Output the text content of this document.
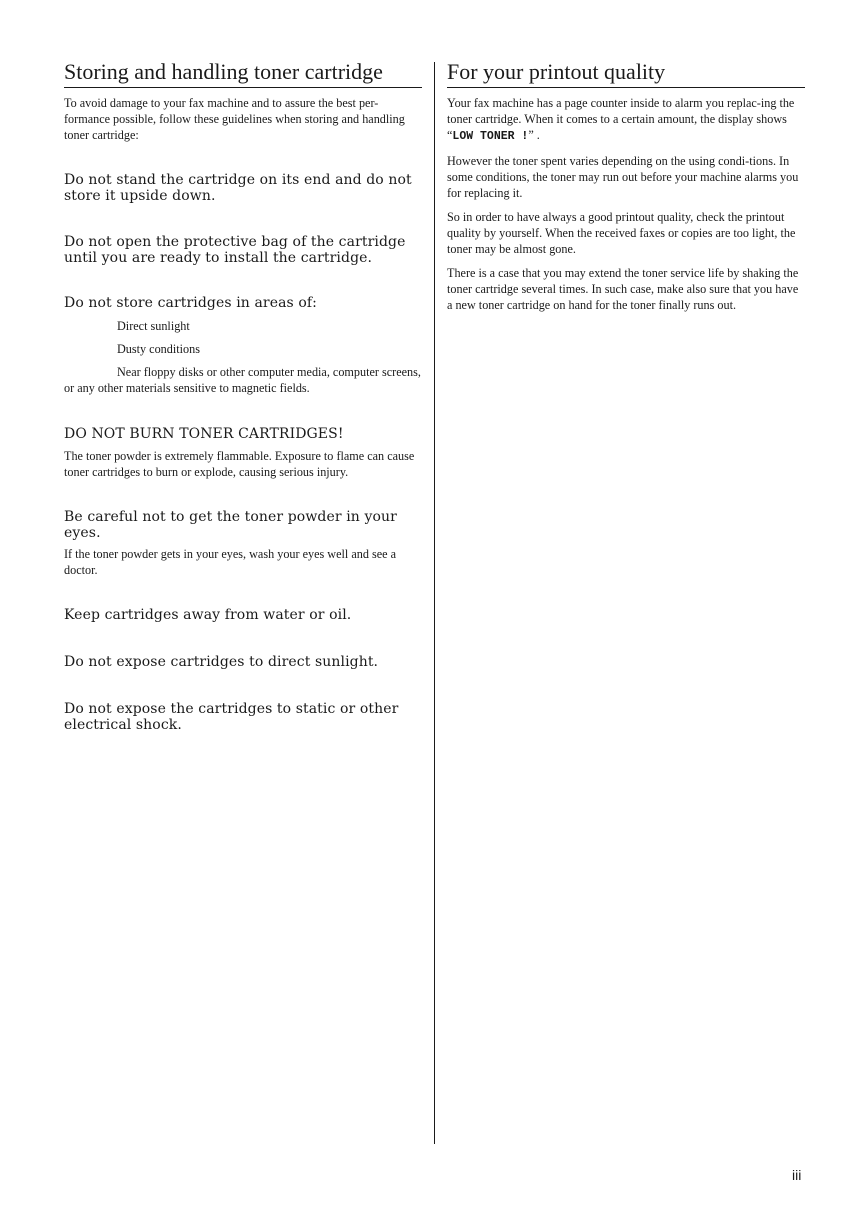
Storing and handling toner cartridge

To avoid damage to your fax machine and to assure the best per-formance possible, follow these guidelines when storing and handling toner cartridge:

Do not stand the cartridge on its end and do not store it upside down.

Do not open the protective bag of the cartridge until you are ready to install the cartridge.

Do not store cartridges in areas of:

Direct sunlight

Dusty conditions

Near floppy disks or other computer media, computer screens, or any other materials sensitive to magnetic fields.

DO NOT BURN TONER CARTRIDGES!

The toner powder is extremely flammable. Exposure to flame can cause toner cartridges to burn or explode, causing serious injury.

Be careful not to get the toner powder in your eyes.

If the toner powder gets in your eyes, wash your eyes well and see a doctor.

Keep cartridges away from water or oil.

Do not expose cartridges to direct sunlight.

Do not expose the cartridges to static or other electrical shock.

For your printout quality

Your fax machine has a page counter inside to alarm you replac-ing the toner cartridge. When it comes to a certain amount, the display shows “LOW TONER !” .

However the toner spent varies depending on the using condi-tions. In some conditions, the toner may run out before your machine alarms you for replacing it.

So in order to have always a good printout quality, check the printout quality by yourself. When the received faxes or copies are too light, the toner may be almost gone.

There is a case that you may extend the toner service life by shaking the toner cartridge several times. In such case, make also sure that you have a new toner cartridge on hand for the toner finally runs out.

iii
